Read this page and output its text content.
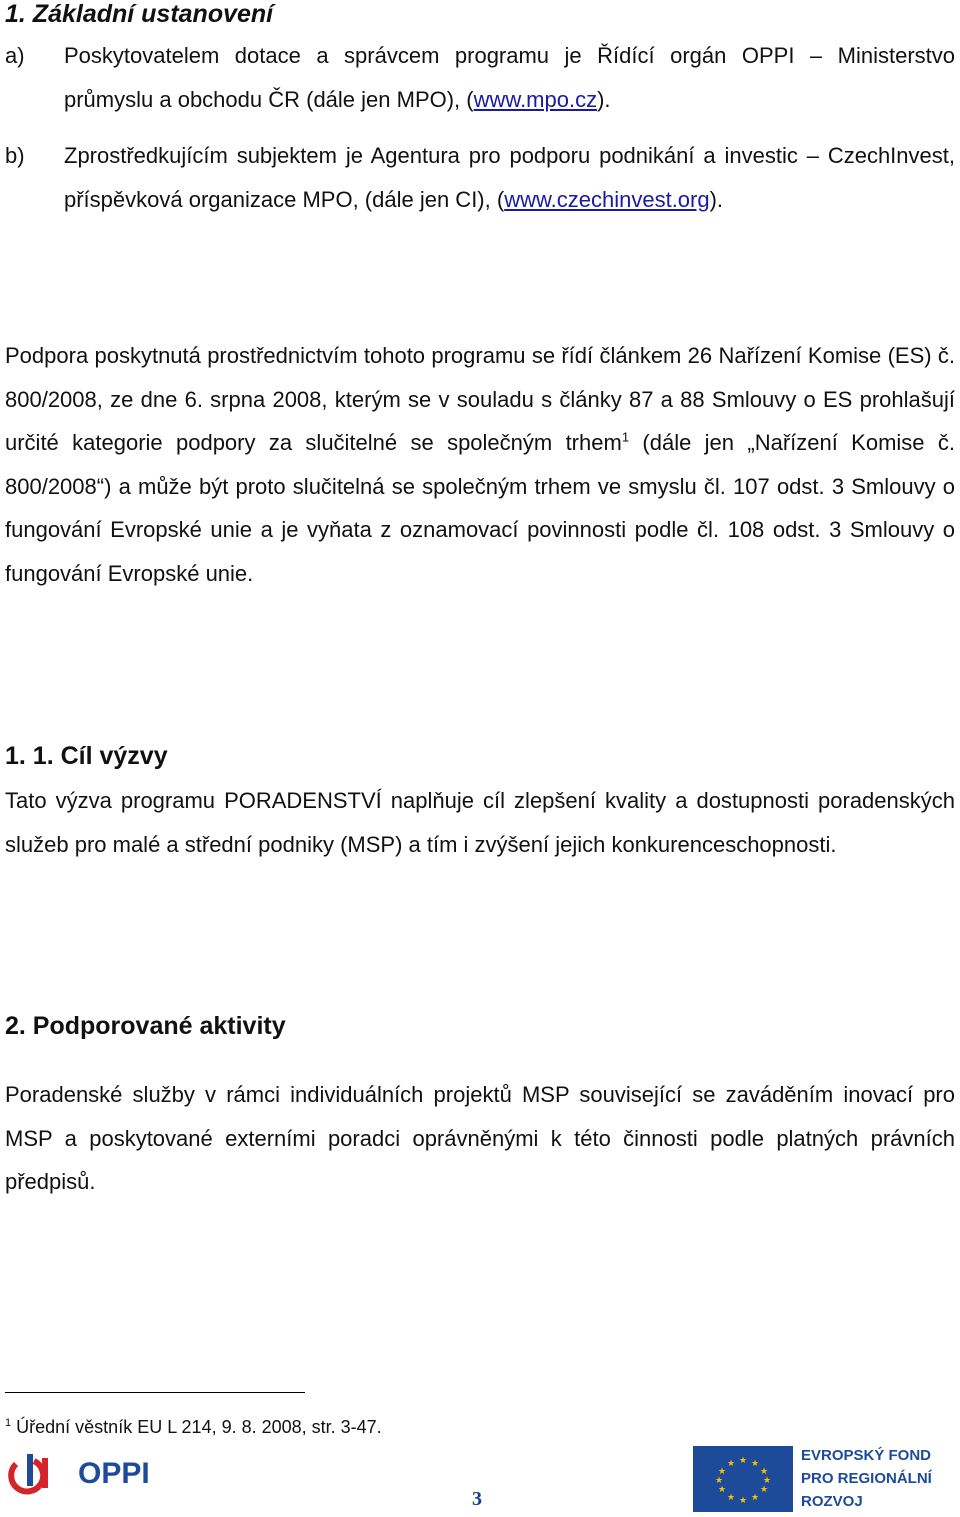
1. Základní ustanovení
a) Poskytovatelem dotace a správcem programu je Řídící orgán OPPI – Ministerstvo průmyslu a obchodu ČR (dále jen MPO), (www.mpo.cz).
b) Zprostředkujícím subjektem je Agentura pro podporu podnikání a investic – CzechInvest, příspěvková organizace MPO, (dále jen CI), (www.czechinvest.org).
Podpora poskytnutá prostřednictvím tohoto programu se řídí článkem 26 Nařízení Komise (ES) č. 800/2008, ze dne 6. srpna 2008, kterým se v souladu s články 87 a 88 Smlouvy o ES prohlašují určité kategorie podpory za slučitelné se společným trhem$^1$ (dále jen „Nařízení Komise č. 800/2008“) a může být proto slučitelná se společným trhem ve smyslu čl. 107 odst. 3 Smlouvy o fungování Evropské unie a je vyňata z oznamovací povinnosti podle čl. 108 odst. 3 Smlouvy o fungování Evropské unie.
1. 1. Cíl výzvy
Tato výzva programu PORADENSTVÍ naplňuje cíl zlepšení kvality a dostupnosti poradenských služeb pro malé a střední podniky (MSP) a tím i zvýšení jejich konkurenceschopnosti.
2. Podporované aktivity
Poradenské služby v rámci individuálních projektů MSP související se zaváděním inovací pro MSP a poskytované externími poradci oprávněnými k této činnosti podle platných právních předpisů.
$^1$ Úřední věstník EU L 214, 9. 8. 2008, str. 3-47.
OPPI
3
★ ★
★
★
★
★
★
★
★
★
★
★	EVROPSKÝ FOND
PRO REGIONÁLNÍ
ROZVOJ
